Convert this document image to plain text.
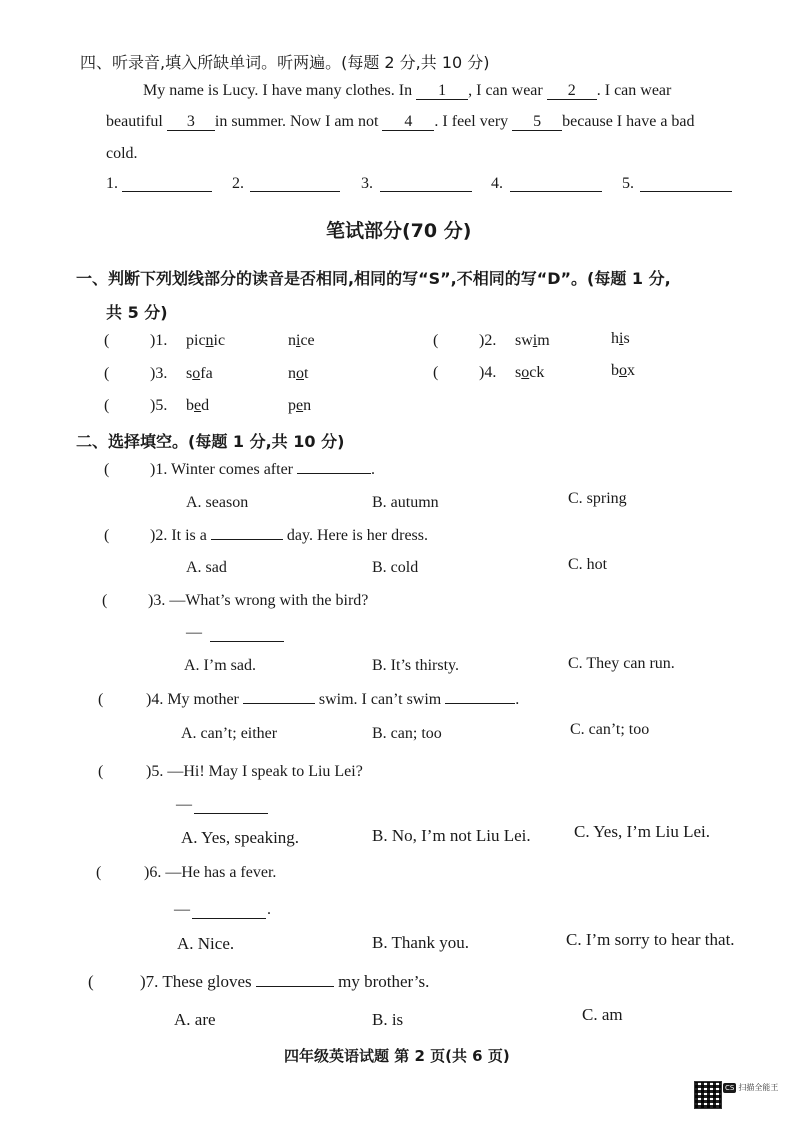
四、听录音,填入所缺单词。听两遍。(每题 2 分,共 10 分)
My name is Lucy. I have many clothes. In 1 , I can wear 2 . I can wear
beautiful 3 in summer. Now I am not 4 . I feel very 5 because I have a bad
cold.
1.	2.	3.	4.	5.
笔试部分(70 分)
一、判断下列划线部分的读音是否相同,相同的写“S”,不相同的写“D”。(每题 1 分,
共 5 分)
(	)1. picnic	nice	(	)2. swim	his
(	)3. sofa	not	(	)4. sock	box
(	)5. bed	pen
二、选择填空。(每题 1 分,共 10 分)
(	)1. Winter comes after	.
A. season	B. autumn	C. spring
(	)2. It is a	day. Here is her dress.
A. sad	B. cold	C. hot
(	)3. —What’s wrong with the bird?
—
A. I’m sad.	B. It’s thirsty.	C. They can run.
(	)4. My mother	swim. I can’t swim	.
A. can’t; either	B. can; too	C. can’t; too
(	)5. —Hi! May I speak to Liu Lei?
—
A. Yes, speaking.	B. No, I’m not Liu Lei.	C. Yes, I’m Liu Lei.
(	)6. —He has a fever.
—	.
A. Nice.	B. Thank you.	C. I’m sorry to hear that.
(	)7. These gloves	my brother’s.
A. are	B. is	C. am
四年级英语试题 第 2 页(共 6 页)
CS 扫描全能王
